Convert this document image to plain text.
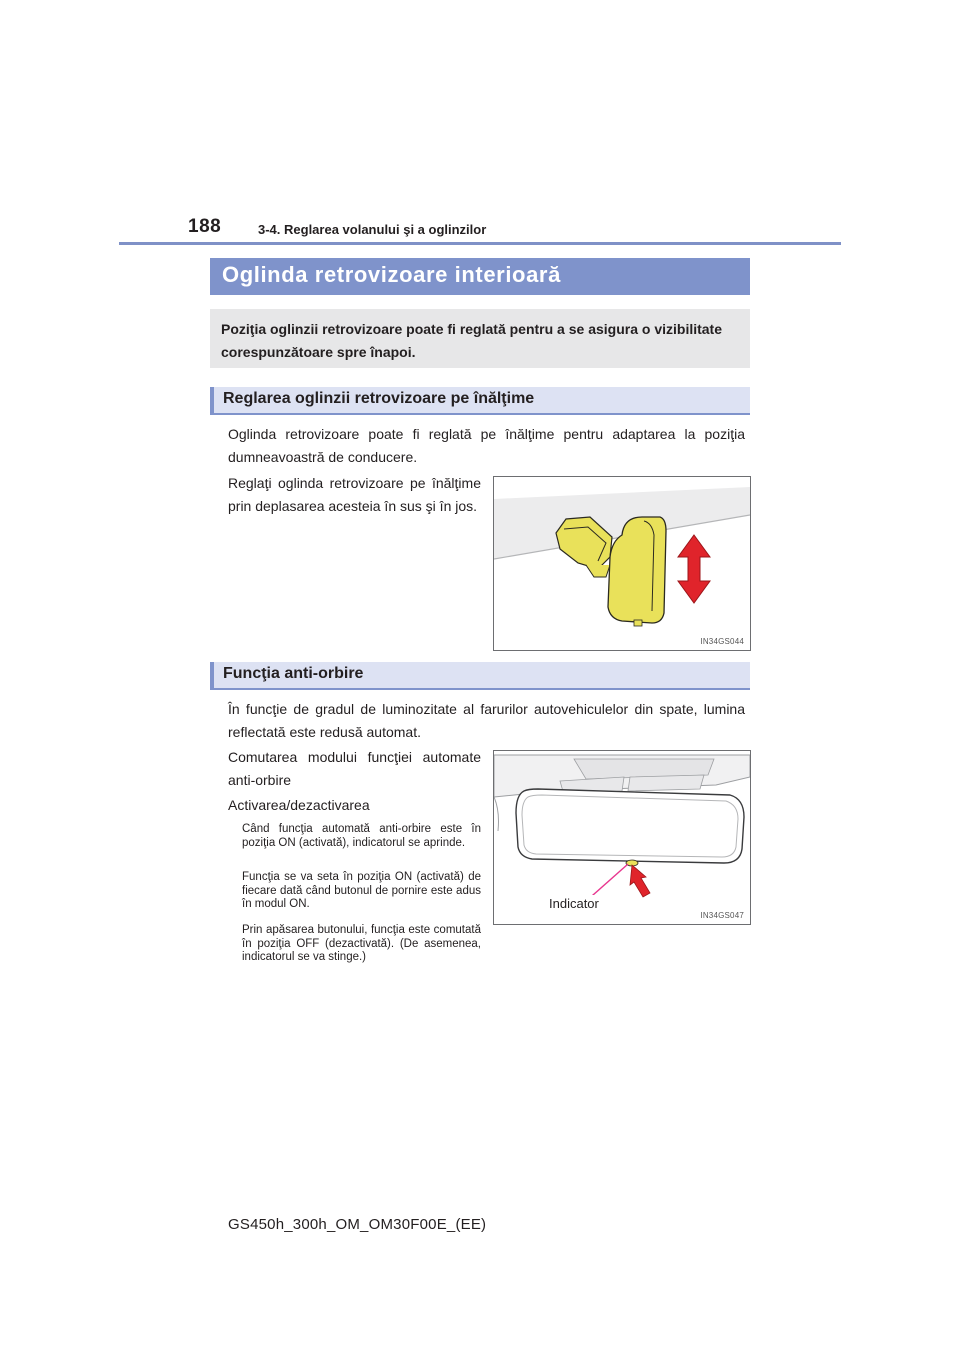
188	3-4. Reglarea volanului şi a oglinzilor
Oglinda retrovizoare interioară
Poziţia oglinzii retrovizoare poate fi reglată pentru a se asigura o vizibilitate corespunzătoare spre înapoi.
Reglarea oglinzii retrovizoare pe înălţime
Oglinda retrovizoare poate fi reglată pe înălţime pentru adaptarea la poziţia dumneavoastră de conducere.
Reglaţi oglinda retrovizoare pe înălţime prin deplasarea acesteia în sus şi în jos.
IN34GS044
Funcţia anti-orbire
În funcţie de gradul de luminozitate al farurilor autovehiculelor din spate, lumina reflectată este redusă automat.
Comutarea modului funcţiei automate anti-orbire
Activarea/dezactivarea
Când funcţia automată anti-orbire este în poziţia ON (activată), indicatorul se aprinde.
Funcţia se va seta în poziţia ON (activată) de fiecare dată când butonul de pornire este adus în modul ON.
Prin apăsarea butonului, funcţia este comutată în poziţia OFF (dezactivată). (De asemenea, indicatorul se va stinge.)
Indicator
IN34GS047
GS450h_300h_OM_OM30F00E_(EE)
